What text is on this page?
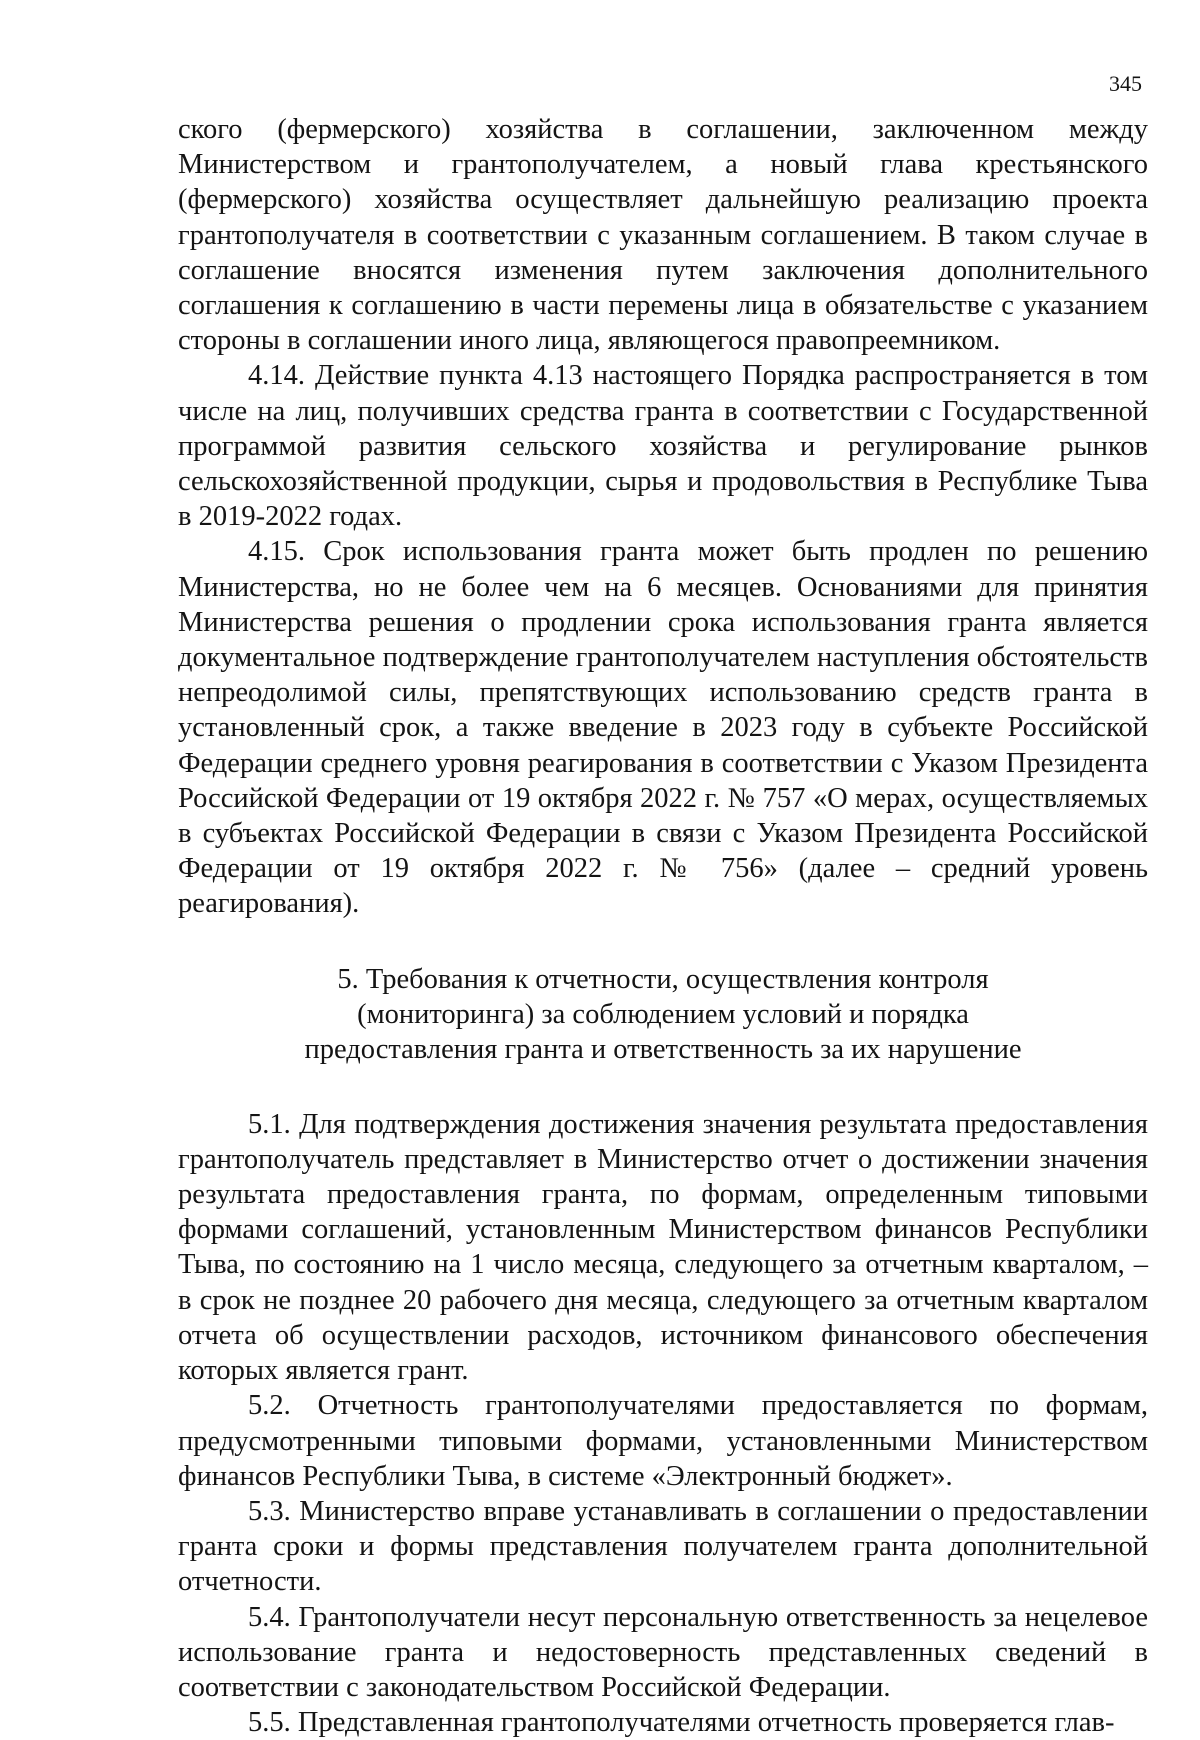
345

ского (фермерского) хозяйства в соглашении, заключенном между Министерством и грантополучателем, а новый глава крестьянского (фермерского) хозяйства осуществляет дальнейшую реализацию проекта грантополучателя в соответствии с указанным соглашением. В таком случае в соглашение вносятся изменения путем заключения дополнительного соглашения к соглашению в части перемены лица в обязательстве с указанием стороны в соглашении иного лица, являющегося правопреемником.

4.14. Действие пункта 4.13 настоящего Порядка распространяется в том числе на лиц, получивших средства гранта в соответствии с Государственной программой развития сельского хозяйства и регулирование рынков сельскохозяйственной продукции, сырья и продовольствия в Республике Тыва в 2019-2022 годах.

4.15. Срок использования гранта может быть продлен по решению Министерства, но не более чем на 6 месяцев. Основаниями для принятия Министерства решения о продлении срока использования гранта является документальное подтверждение грантополучателем наступления обстоятельств непреодолимой силы, препятствующих использованию средств гранта в установленный срок, а также введение в 2023 году в субъекте Российской Федерации среднего уровня реагирования в соответствии с Указом Президента Российской Федерации от 19 октября 2022 г. № 757 «О мерах, осуществляемых в субъектах Российской Федерации в связи с Указом Президента Российской Федерации от 19 октября 2022 г. № 756» (далее – средний уровень реагирования).

5. Требования к отчетности, осуществления контроля
(мониторинга) за соблюдением условий и порядка
предоставления гранта и ответственность за их нарушение

5.1. Для подтверждения достижения значения результата предоставления грантополучатель представляет в Министерство отчет о достижении значения результата предоставления гранта, по формам, определенным типовыми формами соглашений, установленным Министерством финансов Республики Тыва, по состоянию на 1 число месяца, следующего за отчетным кварталом, – в срок не позднее 20 рабочего дня месяца, следующего за отчетным кварталом отчета об осуществлении расходов, источником финансового обеспечения которых является грант.

5.2. Отчетность грантополучателями предоставляется по формам, предусмотренными типовыми формами, установленными Министерством финансов Республики Тыва, в системе «Электронный бюджет».

5.3. Министерство вправе устанавливать в соглашении о предоставлении гранта сроки и формы представления получателем гранта дополнительной отчетности.

5.4. Грантополучатели несут персональную ответственность за нецелевое использование гранта и недостоверность представленных сведений в соответствии с законодательством Российской Федерации.

5.5. Представленная грантополучателями отчетность проверяется глав-
